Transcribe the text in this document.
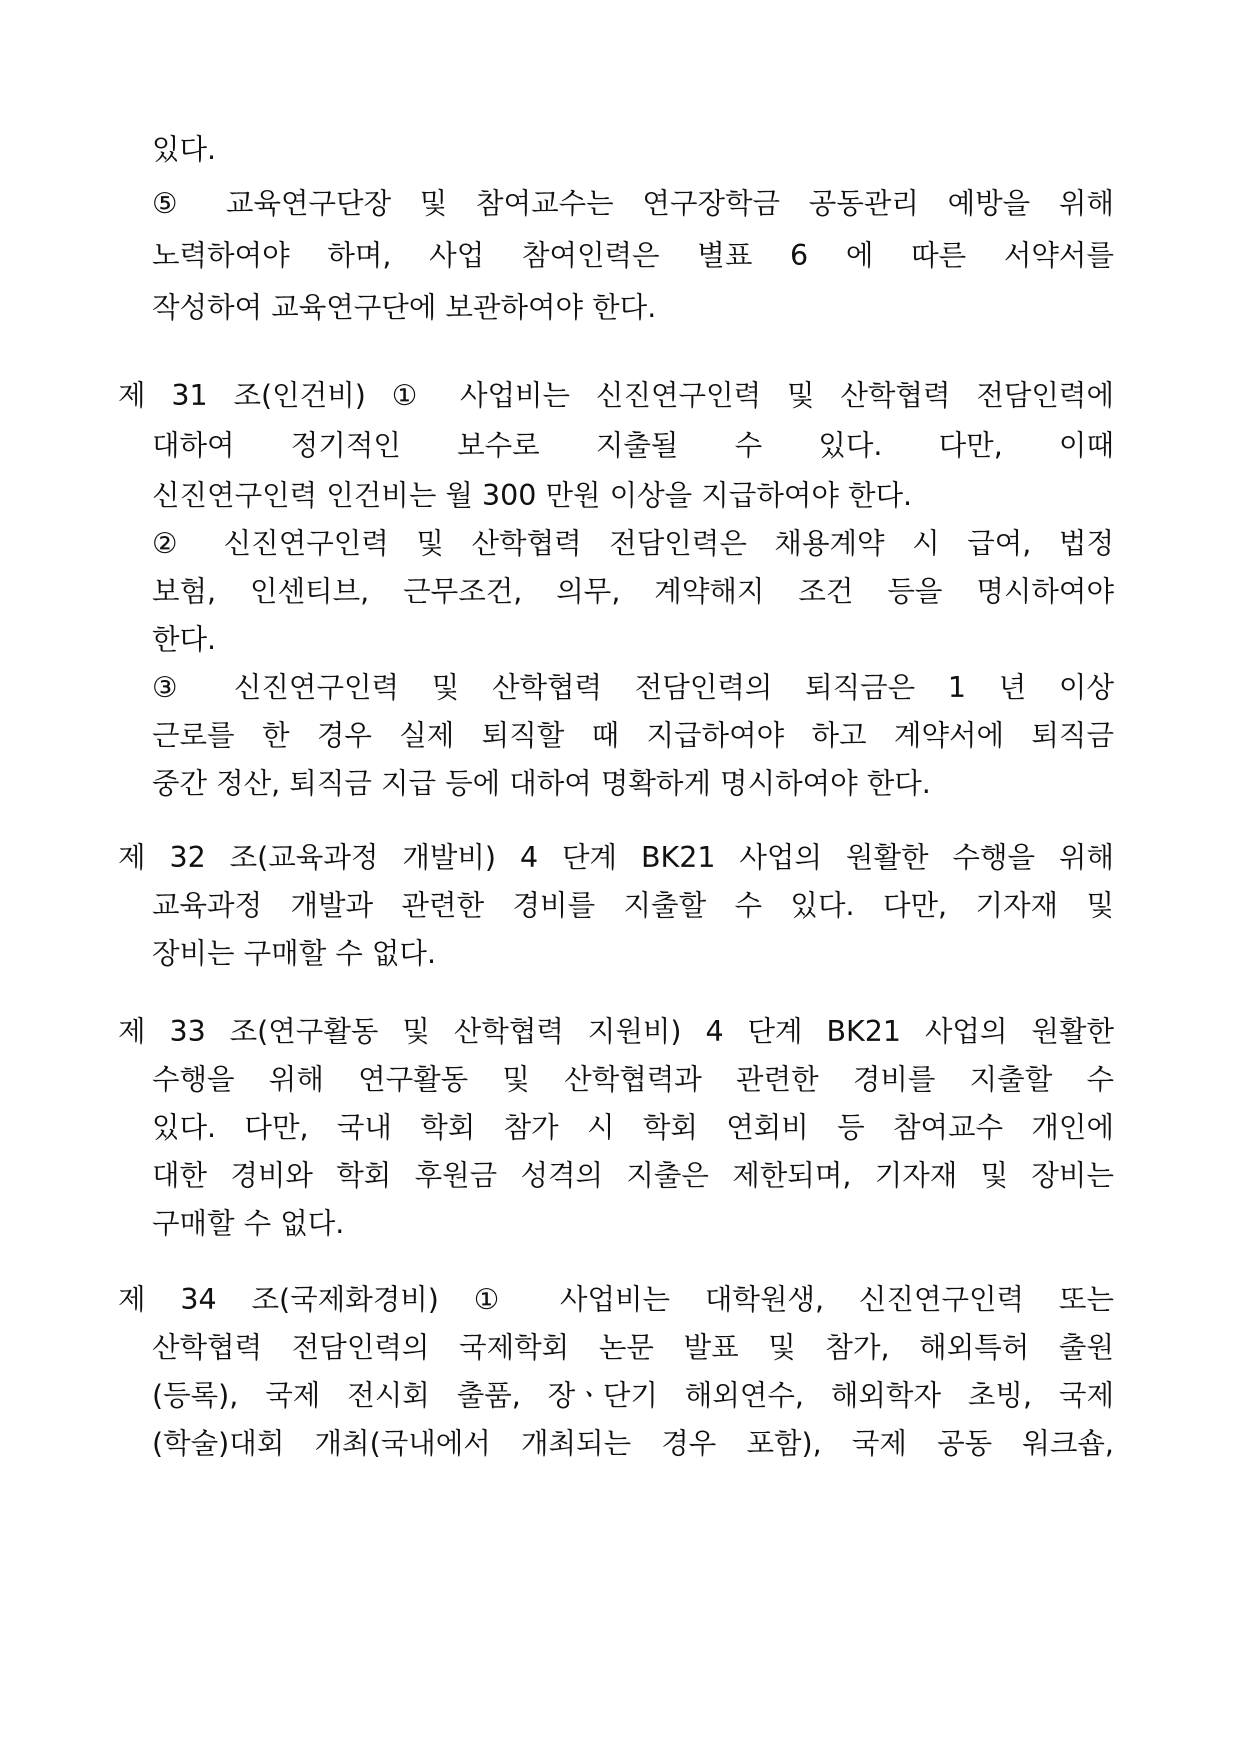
있다.
⑤ 교육연구단장 및 참여교수는 연구장학금 공동관리 예방을 위해
노력하여야 하며, 사업 참여인력은 별표 6 에 따른 서약서를
작성하여 교육연구단에 보관하여야 한다.
제 31 조(인건비) ① 사업비는 신진연구인력 및 산학협력 전담인력에
대하여 정기적인 보수로 지출될 수 있다. 다만, 이때
신진연구인력 인건비는 월 300 만원 이상을 지급하여야 한다.
② 신진연구인력 및 산학협력 전담인력은 채용계약 시 급여, 법정
보험, 인센티브, 근무조건, 의무, 계약해지 조건 등을 명시하여야
한다.
③ 신진연구인력 및 산학협력 전담인력의 퇴직금은 1 년 이상
근로를 한 경우 실제 퇴직할 때 지급하여야 하고 계약서에 퇴직금
중간 정산, 퇴직금 지급 등에 대하여 명확하게 명시하여야 한다.
제 32 조(교육과정 개발비) 4 단계 BK21 사업의 원활한 수행을 위해
교육과정 개발과 관련한 경비를 지출할 수 있다. 다만, 기자재 및
장비는 구매할 수 없다.
제 33 조(연구활동 및 산학협력 지원비) 4 단계 BK21 사업의 원활한
수행을 위해 연구활동 및 산학협력과 관련한 경비를 지출할 수
있다. 다만, 국내 학회 참가 시 학회 연회비 등 참여교수 개인에
대한 경비와 학회 후원금 성격의 지출은 제한되며, 기자재 및 장비는
구매할 수 없다.
제 34 조(국제화경비) ① 사업비는 대학원생, 신진연구인력 또는
산학협력 전담인력의 국제학회 논문 발표 및 참가, 해외특허 출원
(등록), 국제 전시회 출품, 장ㆍ단기 해외연수, 해외학자 초빙, 국제
(학술)대회 개최(국내에서 개최되는 경우 포함), 국제 공동 워크숍,
